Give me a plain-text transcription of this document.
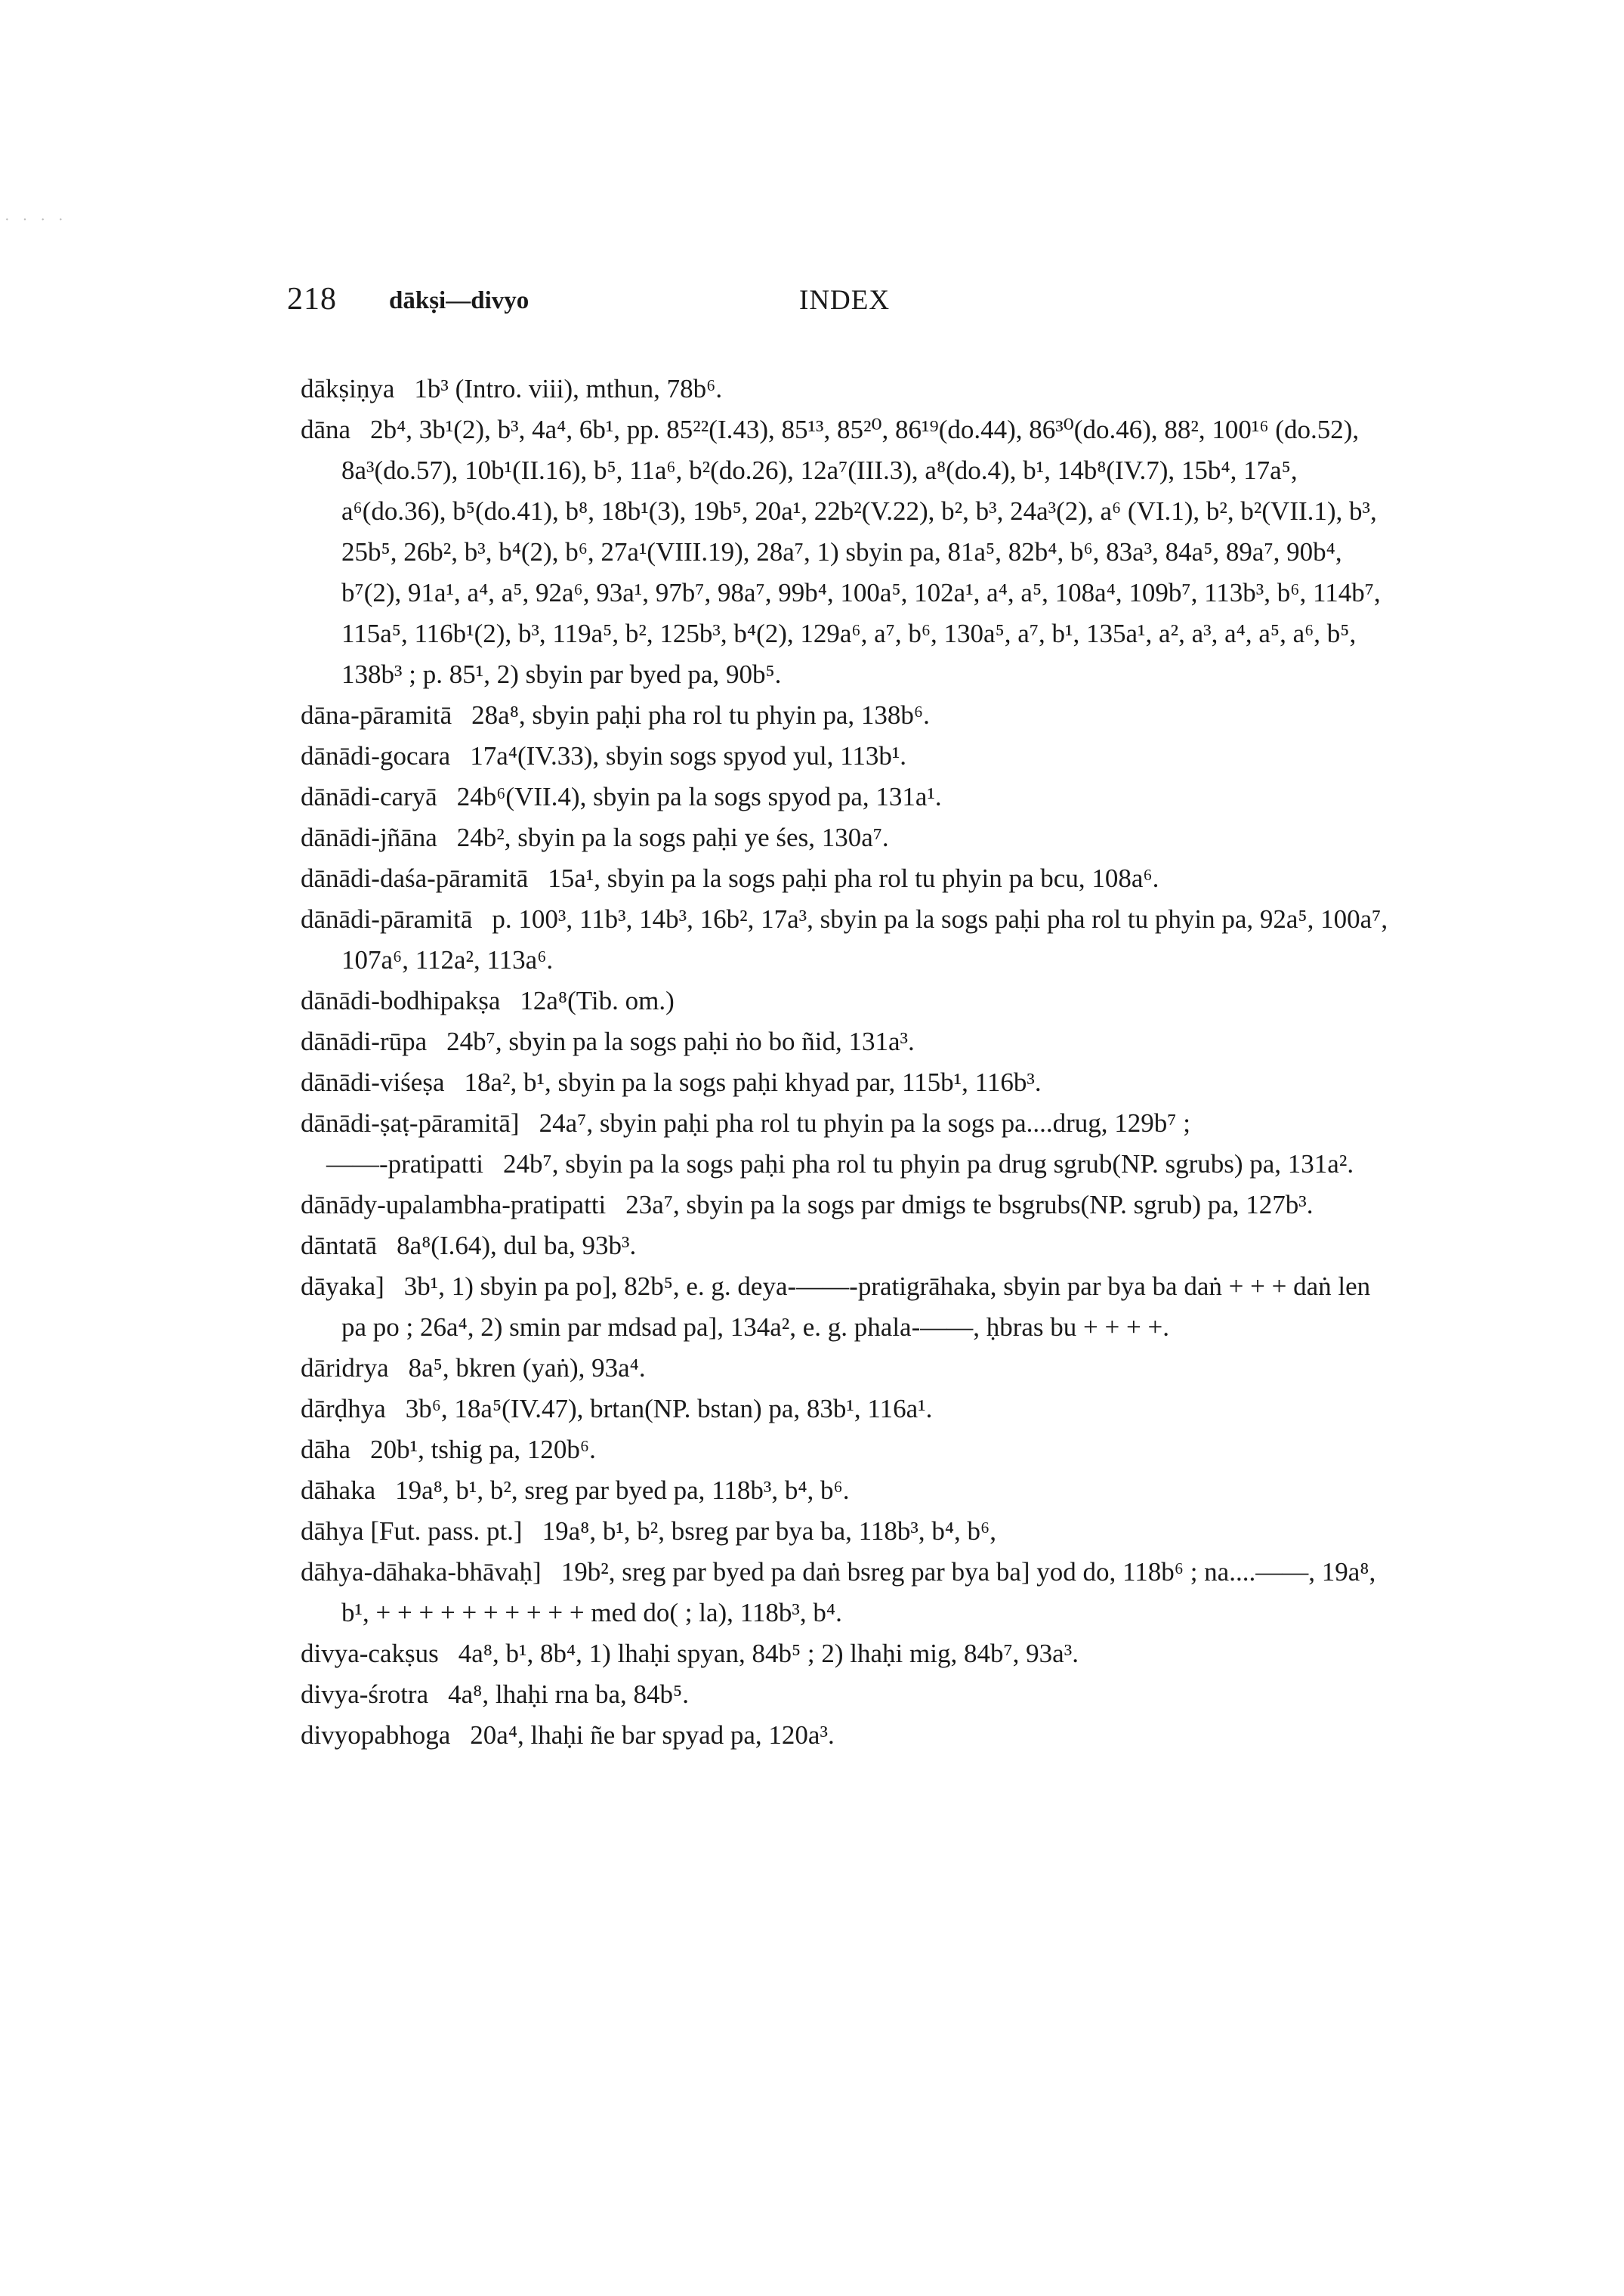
· · · ·
218 dākṣi—divyo	INDEX

dākṣiṇya 1b³ (Intro. viii), mthun, 78b⁶.

dāna 2b⁴, 3b¹(2), b³, 4a⁴, 6b¹, pp. 85²²(I.43), 85¹³, 85²⁰, 86¹⁹(do.44), 86³⁰(do.46), 88², 100¹⁶ (do.52), 8a³(do.57), 10b¹(II.16), b⁵, 11a⁶, b²(do.26), 12a⁷(III.3), a⁸(do.4), b¹, 14b⁸(IV.7), 15b⁴, 17a⁵, a⁶(do.36), b⁵(do.41), b⁸, 18b¹(3), 19b⁵, 20a¹, 22b²(V.22), b², b³, 24a³(2), a⁶ (VI.1), b², b²(VII.1), b³, 25b⁵, 26b², b³, b⁴(2), b⁶, 27a¹(VIII.19), 28a⁷, 1) sbyin pa, 81a⁵, 82b⁴, b⁶, 83a³, 84a⁵, 89a⁷, 90b⁴, b⁷(2), 91a¹, a⁴, a⁵, 92a⁶, 93a¹, 97b⁷, 98a⁷, 99b⁴, 100a⁵, 102a¹, a⁴, a⁵, 108a⁴, 109b⁷, 113b³, b⁶, 114b⁷, 115a⁵, 116b¹(2), b³, 119a⁵, b², 125b³, b⁴(2), 129a⁶, a⁷, b⁶, 130a⁵, a⁷, b¹, 135a¹, a², a³, a⁴, a⁵, a⁶, b⁵, 138b³ ; p. 85¹, 2) sbyin par byed pa, 90b⁵.

dāna-pāramitā 28a⁸, sbyin paḥi pha rol tu phyin pa, 138b⁶.

dānādi-gocara 17a⁴(IV.33), sbyin sogs spyod yul, 113b¹.

dānādi-caryā 24b⁶(VII.4), sbyin pa la sogs spyod pa, 131a¹.

dānādi-jñāna 24b², sbyin pa la sogs paḥi ye śes, 130a⁷.

dānādi-daśa-pāramitā 15a¹, sbyin pa la sogs paḥi pha rol tu phyin pa bcu, 108a⁶.

dānādi-pāramitā p. 100³, 11b³, 14b³, 16b², 17a³, sbyin pa la sogs paḥi pha rol tu phyin pa, 92a⁵, 100a⁷, 107a⁶, 112a², 113a⁶.

dānādi-bodhipakṣa 12a⁸(Tib. om.)

dānādi-rūpa 24b⁷, sbyin pa la sogs paḥi ṅo bo ñid, 131a³.

dānādi-viśeṣa 18a², b¹, sbyin pa la sogs paḥi khyad par, 115b¹, 116b³.

dānādi-ṣaṭ-pāramitā] 24a⁷, sbyin paḥi pha rol tu phyin pa la sogs pa....drug, 129b⁷ ;

——-pratipatti 24b⁷, sbyin pa la sogs paḥi pha rol tu phyin pa drug sgrub(NP. sgrubs) pa, 131a².

dānādy-upalambha-pratipatti 23a⁷, sbyin pa la sogs par dmigs te bsgrubs(NP. sgrub) pa, 127b³.

dāntatā 8a⁸(I.64), dul ba, 93b³.

dāyaka] 3b¹, 1) sbyin pa po], 82b⁵, e. g. deya-——-pratigrāhaka, sbyin par bya ba daṅ + + + daṅ len pa po ; 26a⁴, 2) smin par mdsad pa], 134a², e. g. phala-——, ḥbras bu + + + +.

dāridrya 8a⁵, bkren (yaṅ), 93a⁴.

dārḍhya 3b⁶, 18a⁵(IV.47), brtan(NP. bstan) pa, 83b¹, 116a¹.

dāha 20b¹, tshig pa, 120b⁶.

dāhaka 19a⁸, b¹, b², sreg par byed pa, 118b³, b⁴, b⁶.

dāhya [Fut. pass. pt.] 19a⁸, b¹, b², bsreg par bya ba, 118b³, b⁴, b⁶,

dāhya-dāhaka-bhāvaḥ] 19b², sreg par byed pa daṅ bsreg par bya ba] yod do, 118b⁶ ; na....——, 19a⁸, b¹, + + + + + + + + + + med do( ; la), 118b³, b⁴.

divya-cakṣus 4a⁸, b¹, 8b⁴, 1) lhaḥi spyan, 84b⁵ ; 2) lhaḥi mig, 84b⁷, 93a³.

divya-śrotra 4a⁸, lhaḥi rna ba, 84b⁵.

divyopabhoga 20a⁴, lhaḥi ñe bar spyad pa, 120a³.
